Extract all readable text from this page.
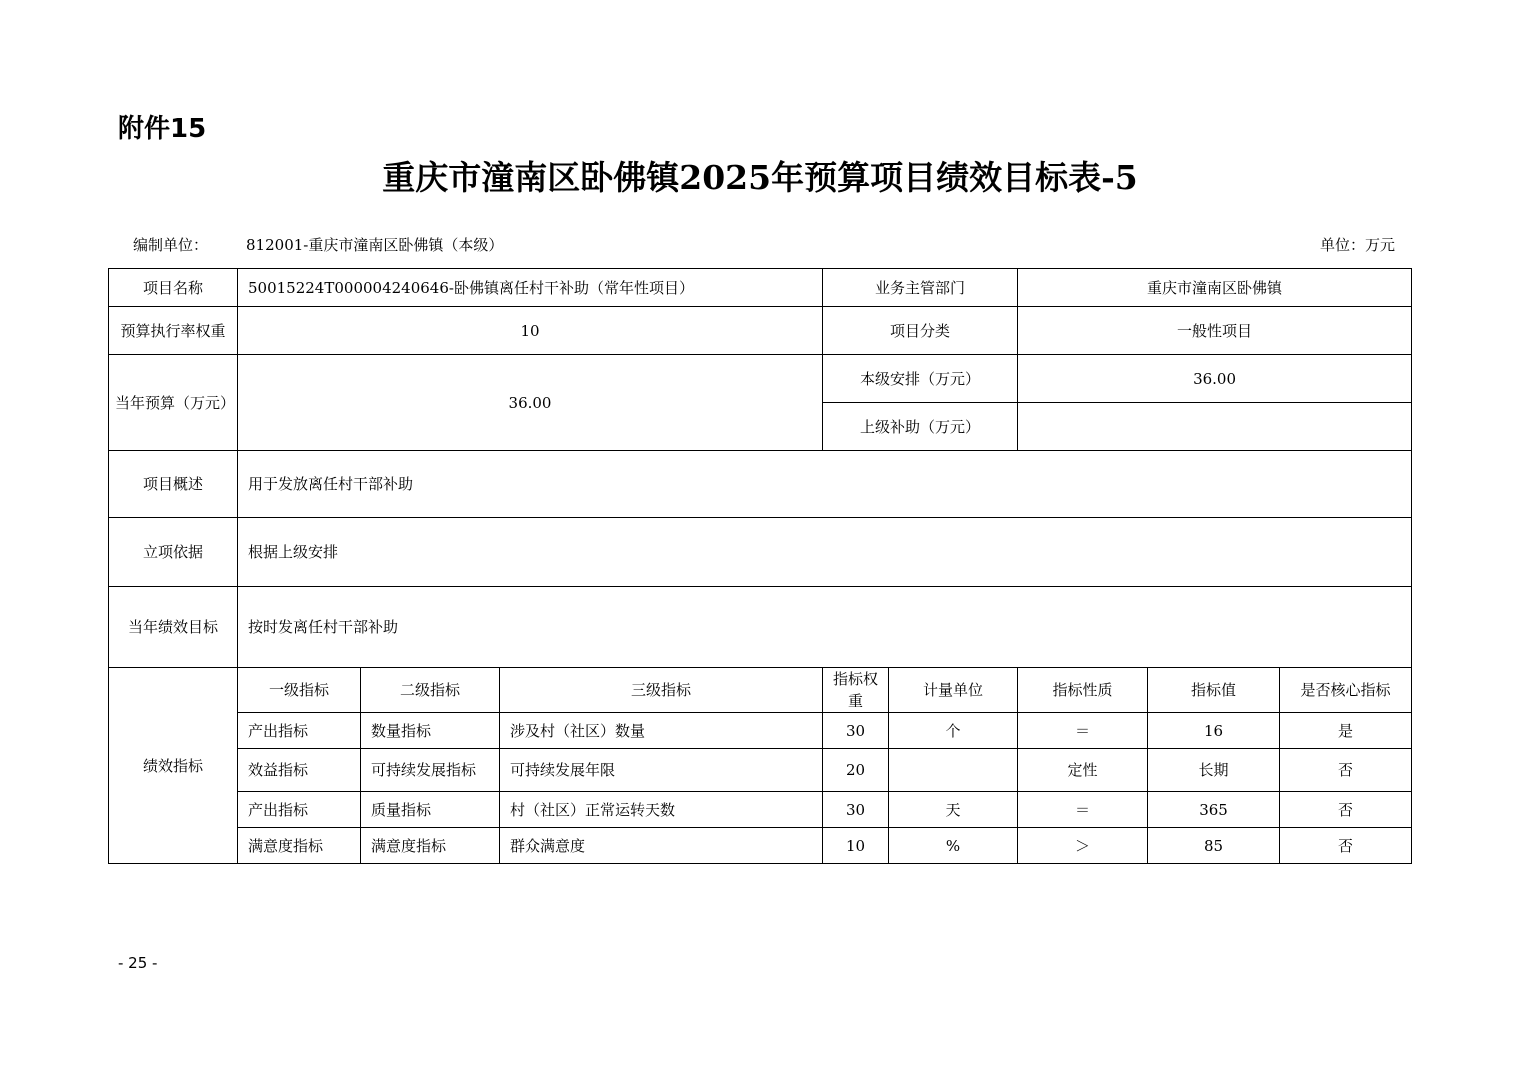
附件15
重庆市潼南区卧佛镇2025年预算项目绩效目标表-5
编制单位：	812001-重庆市潼南区卧佛镇（本级）	单位：万元
项目名称	50015224T000004240646-卧佛镇离任村干补助（常年性项目）			业务主管部门		重庆市潼南区卧佛镇		
预算执行率权重	10			项目分类		一般性项目		
当年预算（万元）	36.00			本级安排（万元）		36.00		
				上级补助（万元）				
项目概述	用于发放离任村干部补助							
立项依据	根据上级安排							
当年绩效目标	按时发离任村干部补助							
绩效指标	一级指标	二级指标	三级指标	指标权重	计量单位	指标性质	指标值	是否核心指标
	产出指标	数量指标	涉及村（社区）数量	30	个	＝	16	是
	效益指标	可持续发展指标	可持续发展年限	20		定性	长期	否
	产出指标	质量指标	村（社区）正常运转天数	30	天	＝	365	否
	满意度指标	满意度指标	群众满意度	10	%	＞	85	否
- 25 -
